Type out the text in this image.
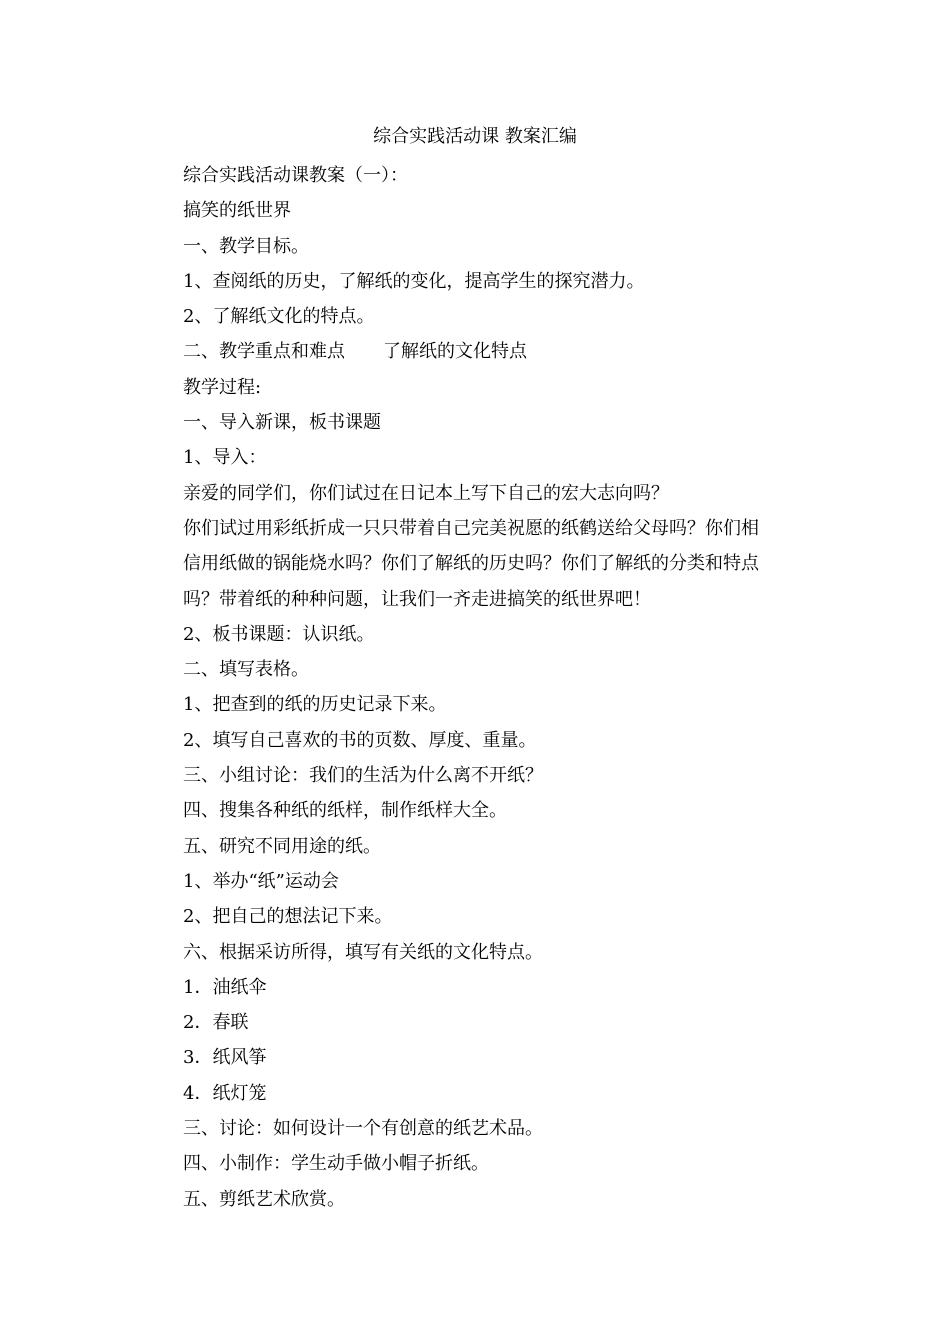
综合实践活动课 教案汇编
综合实践活动课教案（一）：
搞笑的纸世界
一、教学目标。
1、查阅纸的历史，了解纸的变化，提高学生的探究潜力。
2、了解纸文化的特点。
二、教学重点和难点 了解纸的文化特点
教学过程:
一、导入新课，板书课题
1、导入：
亲爱的同学们，你们试过在日记本上写下自己的宏大志向吗？
你们试过用彩纸折成一只只带着自己完美祝愿的纸鹤送给父母吗？你们相
信用纸做的锅能烧水吗？你们了解纸的历史吗？你们了解纸的分类和特点
吗？带着纸的种种问题，让我们一齐走进搞笑的纸世界吧！
2、板书课题：认识纸。
二、填写表格。
1、把查到的纸的历史记录下来。
2、填写自己喜欢的书的页数、厚度、重量。
三、小组讨论：我们的生活为什么离不开纸？
四、搜集各种纸的纸样，制作纸样大全。
五、研究不同用途的纸。
1、举办“纸”运动会
2、把自己的想法记下来。
六、根据采访所得，填写有关纸的文化特点。
1．油纸伞
2．春联
3．纸风筝
4．纸灯笼
三、讨论：如何设计一个有创意的纸艺术品。
四、小制作：学生动手做小帽子折纸。
五、剪纸艺术欣赏。
